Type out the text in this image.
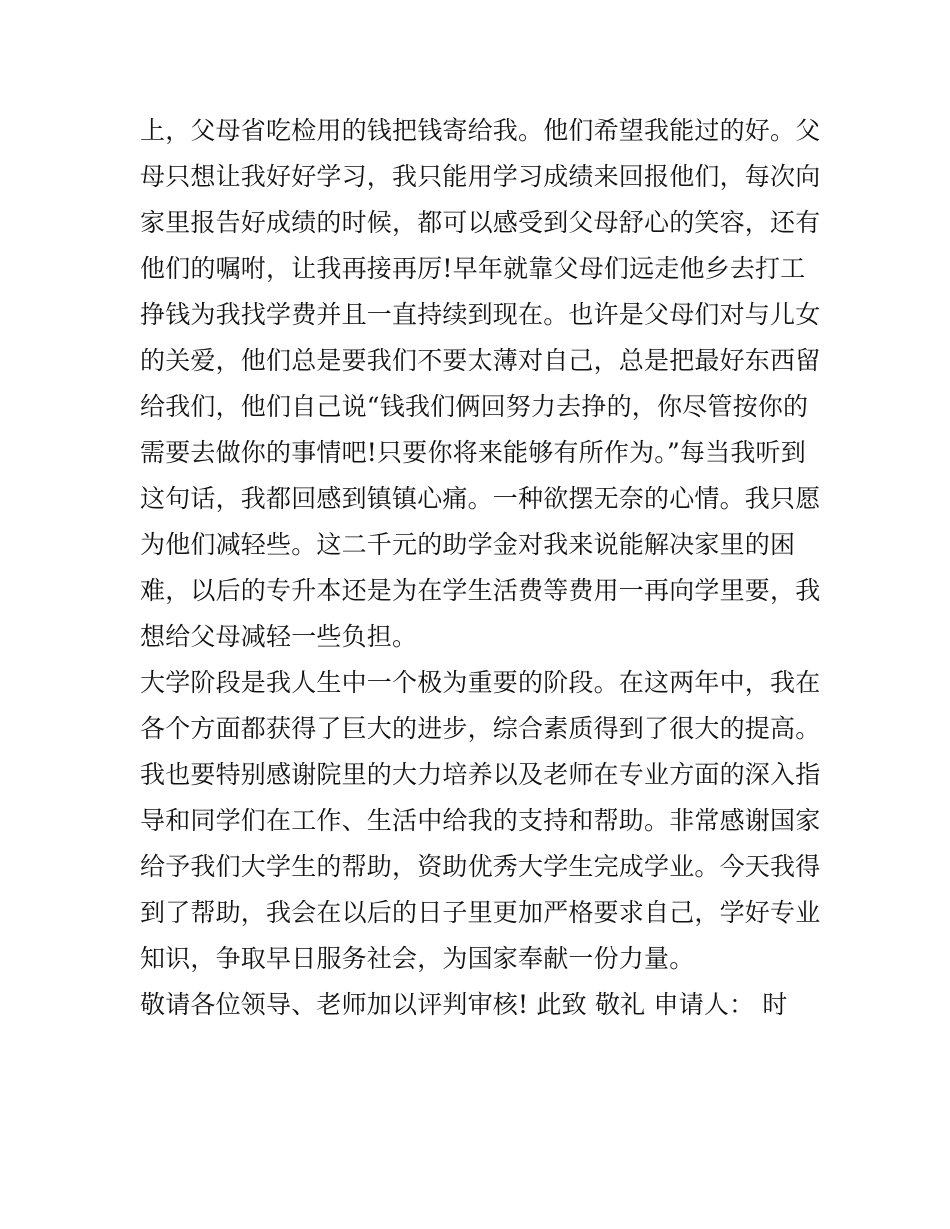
上，父母省吃检用的钱把钱寄给我。他们希望我能过的好。父
母只想让我好好学习，我只能用学习成绩来回报他们，每次向
家里报告好成绩的时候，都可以感受到父母舒心的笑容，还有
他们的嘱咐，让我再接再厉!早年就靠父母们远走他乡去打工
挣钱为我找学费并且一直持续到现在。也许是父母们对与儿女
的关爱，他们总是要我们不要太薄对自己，总是把最好东西留
给我们，他们自己说“钱我们俩回努力去挣的，你尽管按你的
需要去做你的事情吧!只要你将来能够有所作为。”每当我听到
这句话，我都回感到镇镇心痛。一种欲摆无奈的心情。我只愿
为他们减轻些。这二千元的助学金对我来说能解决家里的困
难，以后的专升本还是为在学生活费等费用一再向学里要，我
想给父母减轻一些负担。
大学阶段是我人生中一个极为重要的阶段。在这两年中，我在
各个方面都获得了巨大的进步，综合素质得到了很大的提高。
我也要特别感谢院里的大力培养以及老师在专业方面的深入指
导和同学们在工作、生活中给我的支持和帮助。非常感谢国家
给予我们大学生的帮助，资助优秀大学生完成学业。今天我得
到了帮助，我会在以后的日子里更加严格要求自己，学好专业
知识，争取早日服务社会，为国家奉献一份力量。
敬请各位领导、老师加以评判审核! 此致 敬礼 申请人： 时
